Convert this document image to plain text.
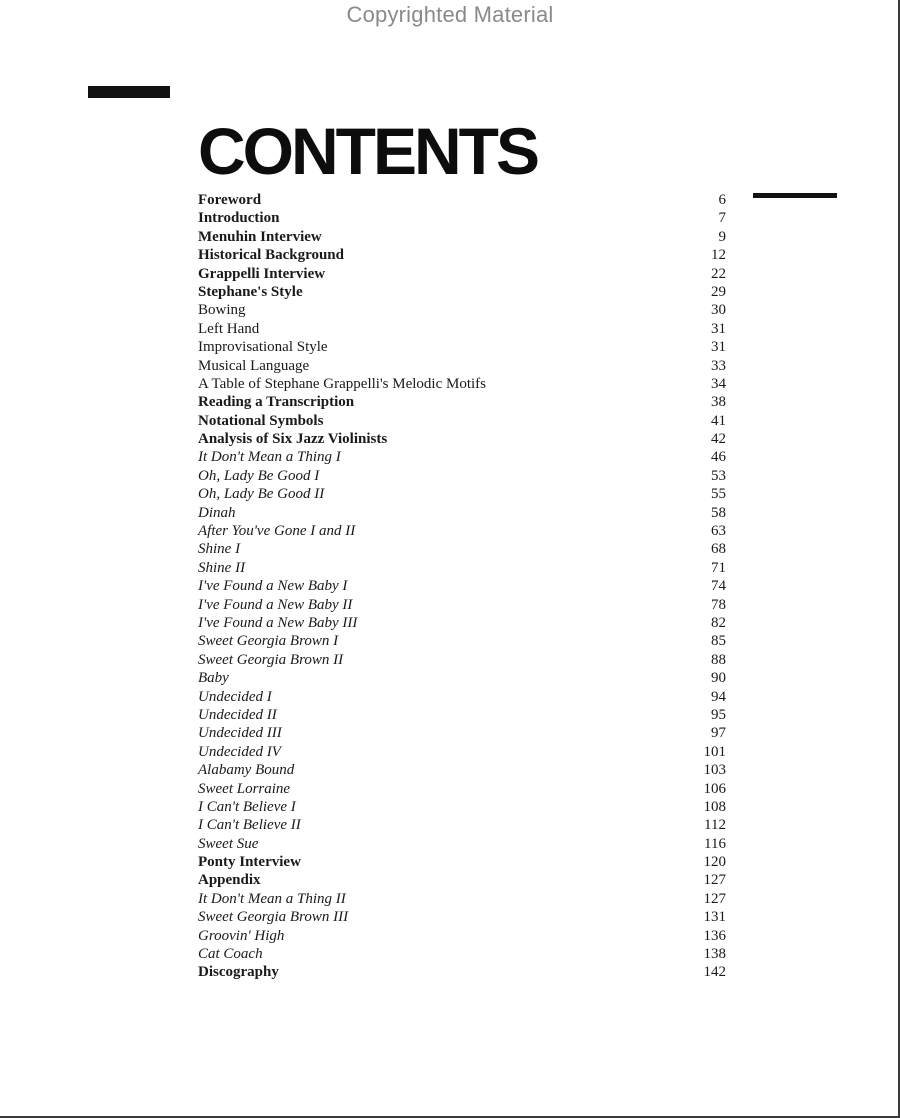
Copyrighted Material
CONTENTS
Foreword	6
Introduction	7
Menuhin Interview	9
Historical Background	12
Grappelli Interview	22
Stephane's Style	29
Bowing	30
Left Hand	31
Improvisational Style	31
Musical Language	33
A Table of Stephane Grappelli's Melodic Motifs	34
Reading a Transcription	38
Notational Symbols	41
Analysis of Six Jazz Violinists	42
It Don't Mean a Thing I	46
Oh, Lady Be Good I	53
Oh, Lady Be Good II	55
Dinah	58
After You've Gone I and II	63
Shine I	68
Shine II	71
I've Found a New Baby I	74
I've Found a New Baby II	78
I've Found a New Baby III	82
Sweet Georgia Brown I	85
Sweet Georgia Brown II	88
Baby	90
Undecided I	94
Undecided II	95
Undecided III	97
Undecided IV	101
Alabamy Bound	103
Sweet Lorraine	106
I Can't Believe I	108
I Can't Believe II	112
Sweet Sue	116
Ponty Interview	120
Appendix	127
It Don't Mean a Thing II	127
Sweet Georgia Brown III	131
Groovin' High	136
Cat Coach	138
Discography	142
